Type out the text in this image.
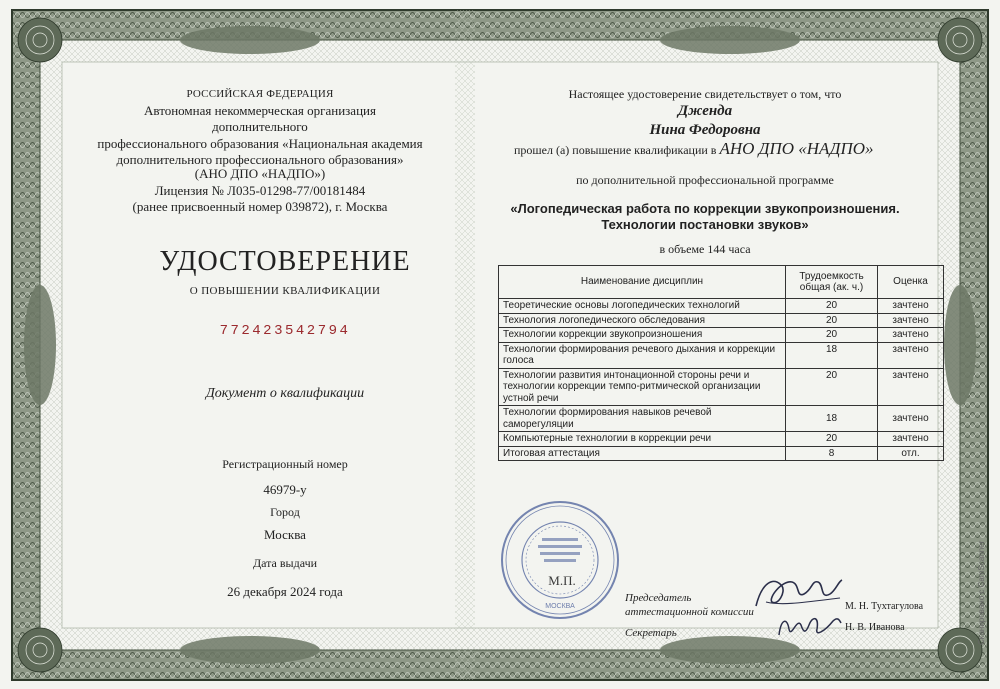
РОССИЙСКАЯ ФЕДЕРАЦИЯ
Автономная некоммерческая организация дополнительного
профессионального образования «Национальная академия
дополнительного профессионального образования»
(АНО ДПО «НАДПО»)
Лицензия № Л035-01298-77/00181484
(ранее присвоенный номер 039872), г. Москва
УДОСТОВЕРЕНИЕ
О ПОВЫШЕНИИ КВАЛИФИКАЦИИ
772423542794
Документ о квалификации
Регистрационный номер
46979-у
Город
Москва
Дата выдачи
26 декабря 2024 года
Настоящее удостоверение свидетельствует о том, что
Дженда
Нина Федоровна
прошел (а) повышение квалификации в АНО ДПО «НАДПО»
по дополнительной профессиональной программе
«Логопедическая работа по коррекции звукопроизношения.
Технологии постановки звуков»
в объеме 144 часа
Наименование дисциплин	Трудоемкость общая (ак. ч.)	Оценка
Теоретические основы логопедических технологий	20	зачтено
Технология логопедического обследования	20	зачтено
Технологии коррекции звукопроизношения	20	зачтено
Технологии формирования речевого дыхания и коррекции голоса	18	зачтено
Технологии развития интонационной стороны речи и технологии коррекции темпо-ритмической организации устной речи	20	зачтено
Технологии формирования навыков речевой саморегуляции	18	зачтено
Компьютерные технологии в коррекции речи	20	зачтено
Итоговая аттестация	8	отл.
М.П.
МОСКВА
Председатель
аттестационной комиссии	М. Н. Тухтагулова
Секретарь	Н. В. Иванова	Сканировано с CamScanner
